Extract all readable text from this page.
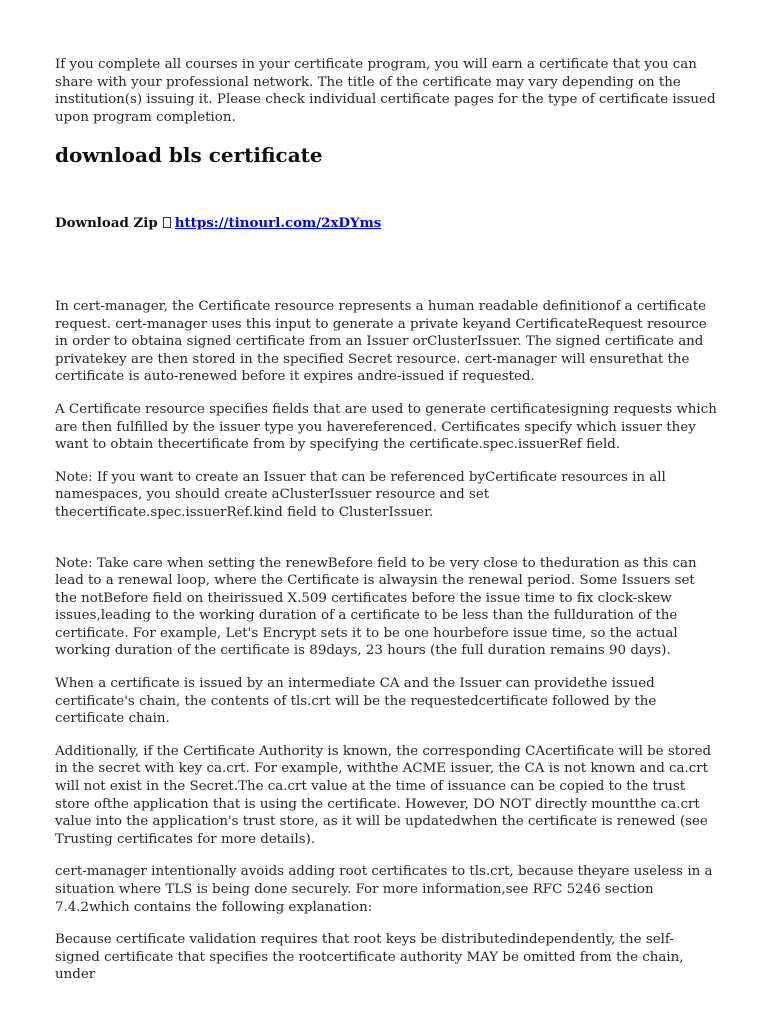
If you complete all courses in your certificate program, you will earn a certificate that you can share with your professional network. The title of the certificate may vary depending on the institution(s) issuing it. Please check individual certificate pages for the type of certificate issued upon program completion.

download bls certificate
Download Zip https://tinourl.com/2xDYms

In cert-manager, the Certificate resource represents a human readable definitionof a certificate request. cert-manager uses this input to generate a private keyand CertificateRequest resource in order to obtaina signed certificate from an Issuer orClusterIssuer. The signed certificate and privatekey are then stored in the specified Secret resource. cert-manager will ensurethat the certificate is auto-renewed before it expires andre-issued if requested.

A Certificate resource specifies fields that are used to generate certificatesigning requests which are then fulfilled by the issuer type you havereferenced. Certificates specify which issuer they want to obtain thecertificate from by specifying the certificate.spec.issuerRef field.

Note: If you want to create an Issuer that can be referenced byCertificate resources in all namespaces, you should create aClusterIssuer resource and set thecertificate.spec.issuerRef.kind field to ClusterIssuer.

Note: Take care when setting the renewBefore field to be very close to theduration as this can lead to a renewal loop, where the Certificate is alwaysin the renewal period. Some Issuers set the notBefore field on theirissued X.509 certificates before the issue time to fix clock-skew issues,leading to the working duration of a certificate to be less than the fullduration of the certificate. For example, Let's Encrypt sets it to be one hourbefore issue time, so the actual working duration of the certificate is 89days, 23 hours (the full duration remains 90 days).

When a certificate is issued by an intermediate CA and the Issuer can providethe issued certificate's chain, the contents of tls.crt will be the requestedcertificate followed by the certificate chain.

Additionally, if the Certificate Authority is known, the corresponding CAcertificate will be stored in the secret with key ca.crt. For example, withthe ACME issuer, the CA is not known and ca.crt will not exist in the Secret.The ca.crt value at the time of issuance can be copied to the trust store ofthe application that is using the certificate. However, DO NOT directly mountthe ca.crt value into the application's trust store, as it will be updatedwhen the certificate is renewed (see Trusting certificates for more details).

cert-manager intentionally avoids adding root certificates to tls.crt, because theyare useless in a situation where TLS is being done securely. For more information,see RFC 5246 section 7.4.2which contains the following explanation:

Because certificate validation requires that root keys be distributedindependently, the self-signed certificate that specifies the rootcertificate authority MAY be omitted from the chain, under
